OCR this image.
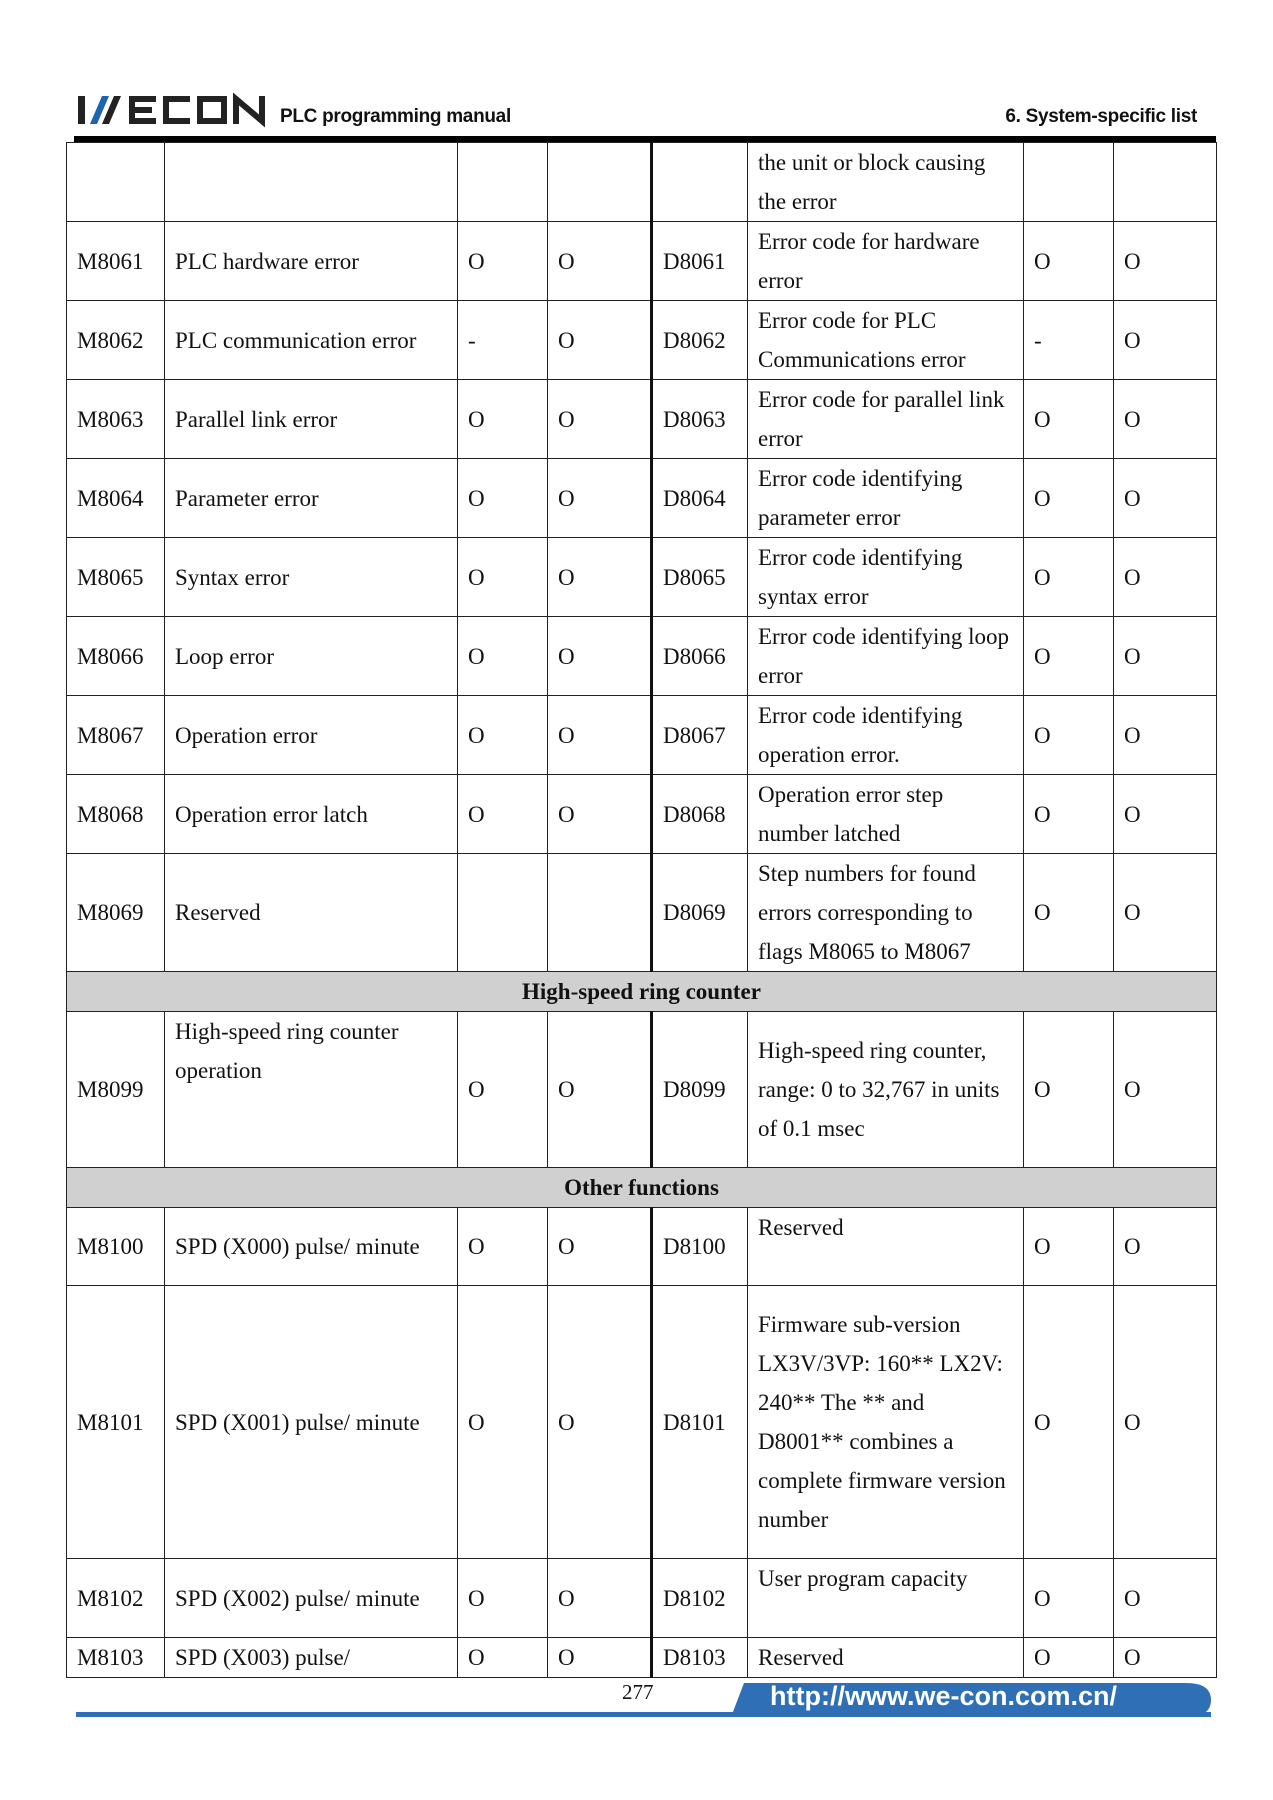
PLC programming manual	6. System-specific list
					the unit or block causing the error		
M8061	PLC hardware error	O	O	D8061	Error code for hardware error	O	O
M8062	PLC communication error	-	O	D8062	Error code for PLC Communications error	-	O
M8063	Parallel link error	O	O	D8063	Error code for parallel link error	O	O
M8064	Parameter error	O	O	D8064	Error code identifying parameter error	O	O
M8065	Syntax error	O	O	D8065	Error code identifying syntax error	O	O
M8066	Loop error	O	O	D8066	Error code identifying loop error	O	O
M8067	Operation error	O	O	D8067	Error code identifying operation error.	O	O
M8068	Operation error latch	O	O	D8068	Operation error step number latched	O	O
M8069	Reserved			D8069	Step numbers for found errors corresponding to flags M8065 to M8067	O	O
High-speed ring counter							
M8099	High-speed ring counter operation	O	O	D8099	High-speed ring counter, range: 0 to 32,767 in units of 0.1 msec	O	O
Other functions							
M8100	SPD (X000) pulse/ minute	O	O	D8100	Reserved	O	O
M8101	SPD (X001) pulse/ minute	O	O	D8101	Firmware sub-version LX3V/3VP: 160** LX2V: 240** The ** and D8001** combines a complete firmware version number	O	O
M8102	SPD (X002) pulse/ minute	O	O	D8102	User program capacity	O	O
M8103	SPD (X003) pulse/	O	O	D8103	Reserved	O	O
277	http://www.we-con.com.cn/
